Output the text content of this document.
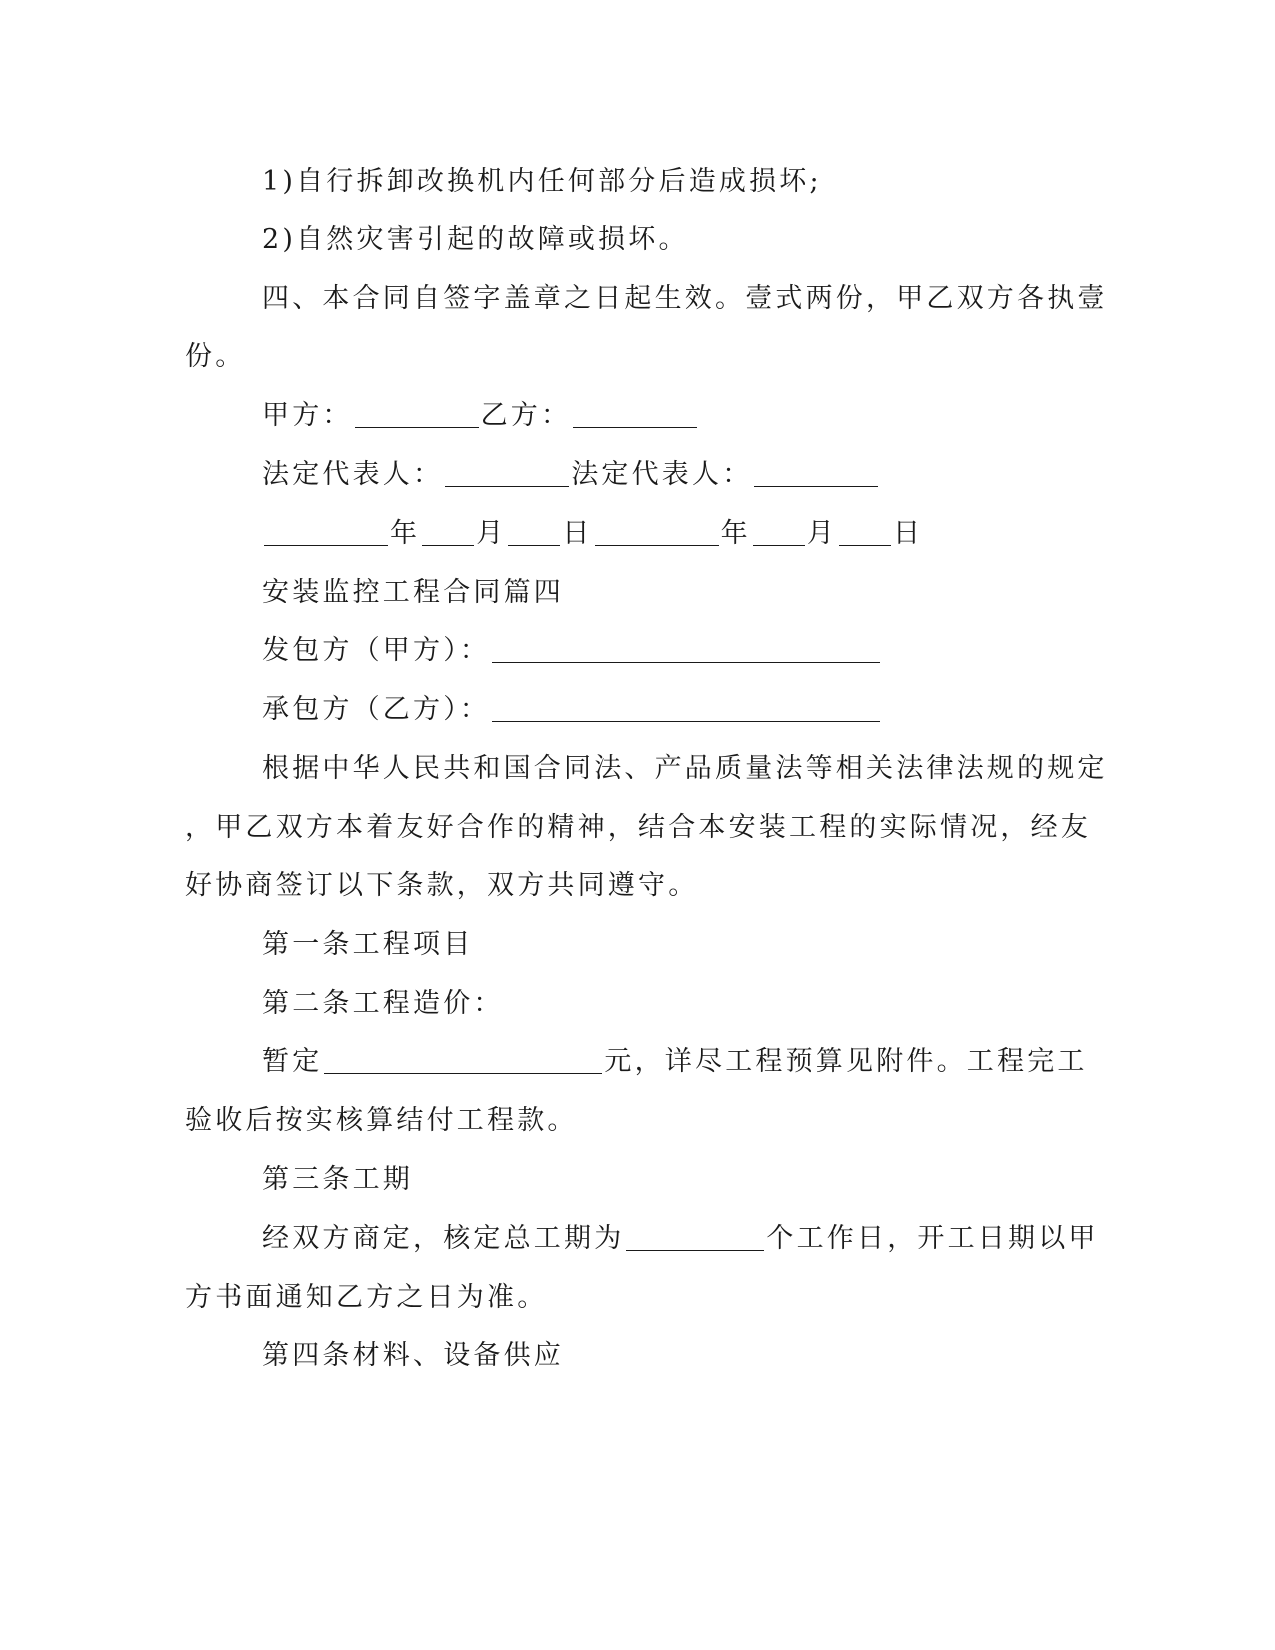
1)自行拆卸改换机内任何部分后造成损坏;
2)自然灾害引起的故障或损坏。
四、本合同自签字盖章之日起生效。壹式两份，甲乙双方各执壹
份。
甲方：	乙方：
法定代表人：	法定代表人：
年 月 日	年 月 日
安装监控工程合同篇四
发包方（甲方）：
承包方（乙方）：
根据中华人民共和国合同法、产品质量法等相关法律法规的规定
，甲乙双方本着友好合作的精神，结合本安装工程的实际情况，经友
好协商签订以下条款，双方共同遵守。
第一条工程项目
第二条工程造价：
暂定	元，详尽工程预算见附件。工程完工
验收后按实核算结付工程款。
第三条工期
经双方商定，核定总工期为	个工作日，开工日期以甲
方书面通知乙方之日为准。
第四条材料、设备供应
